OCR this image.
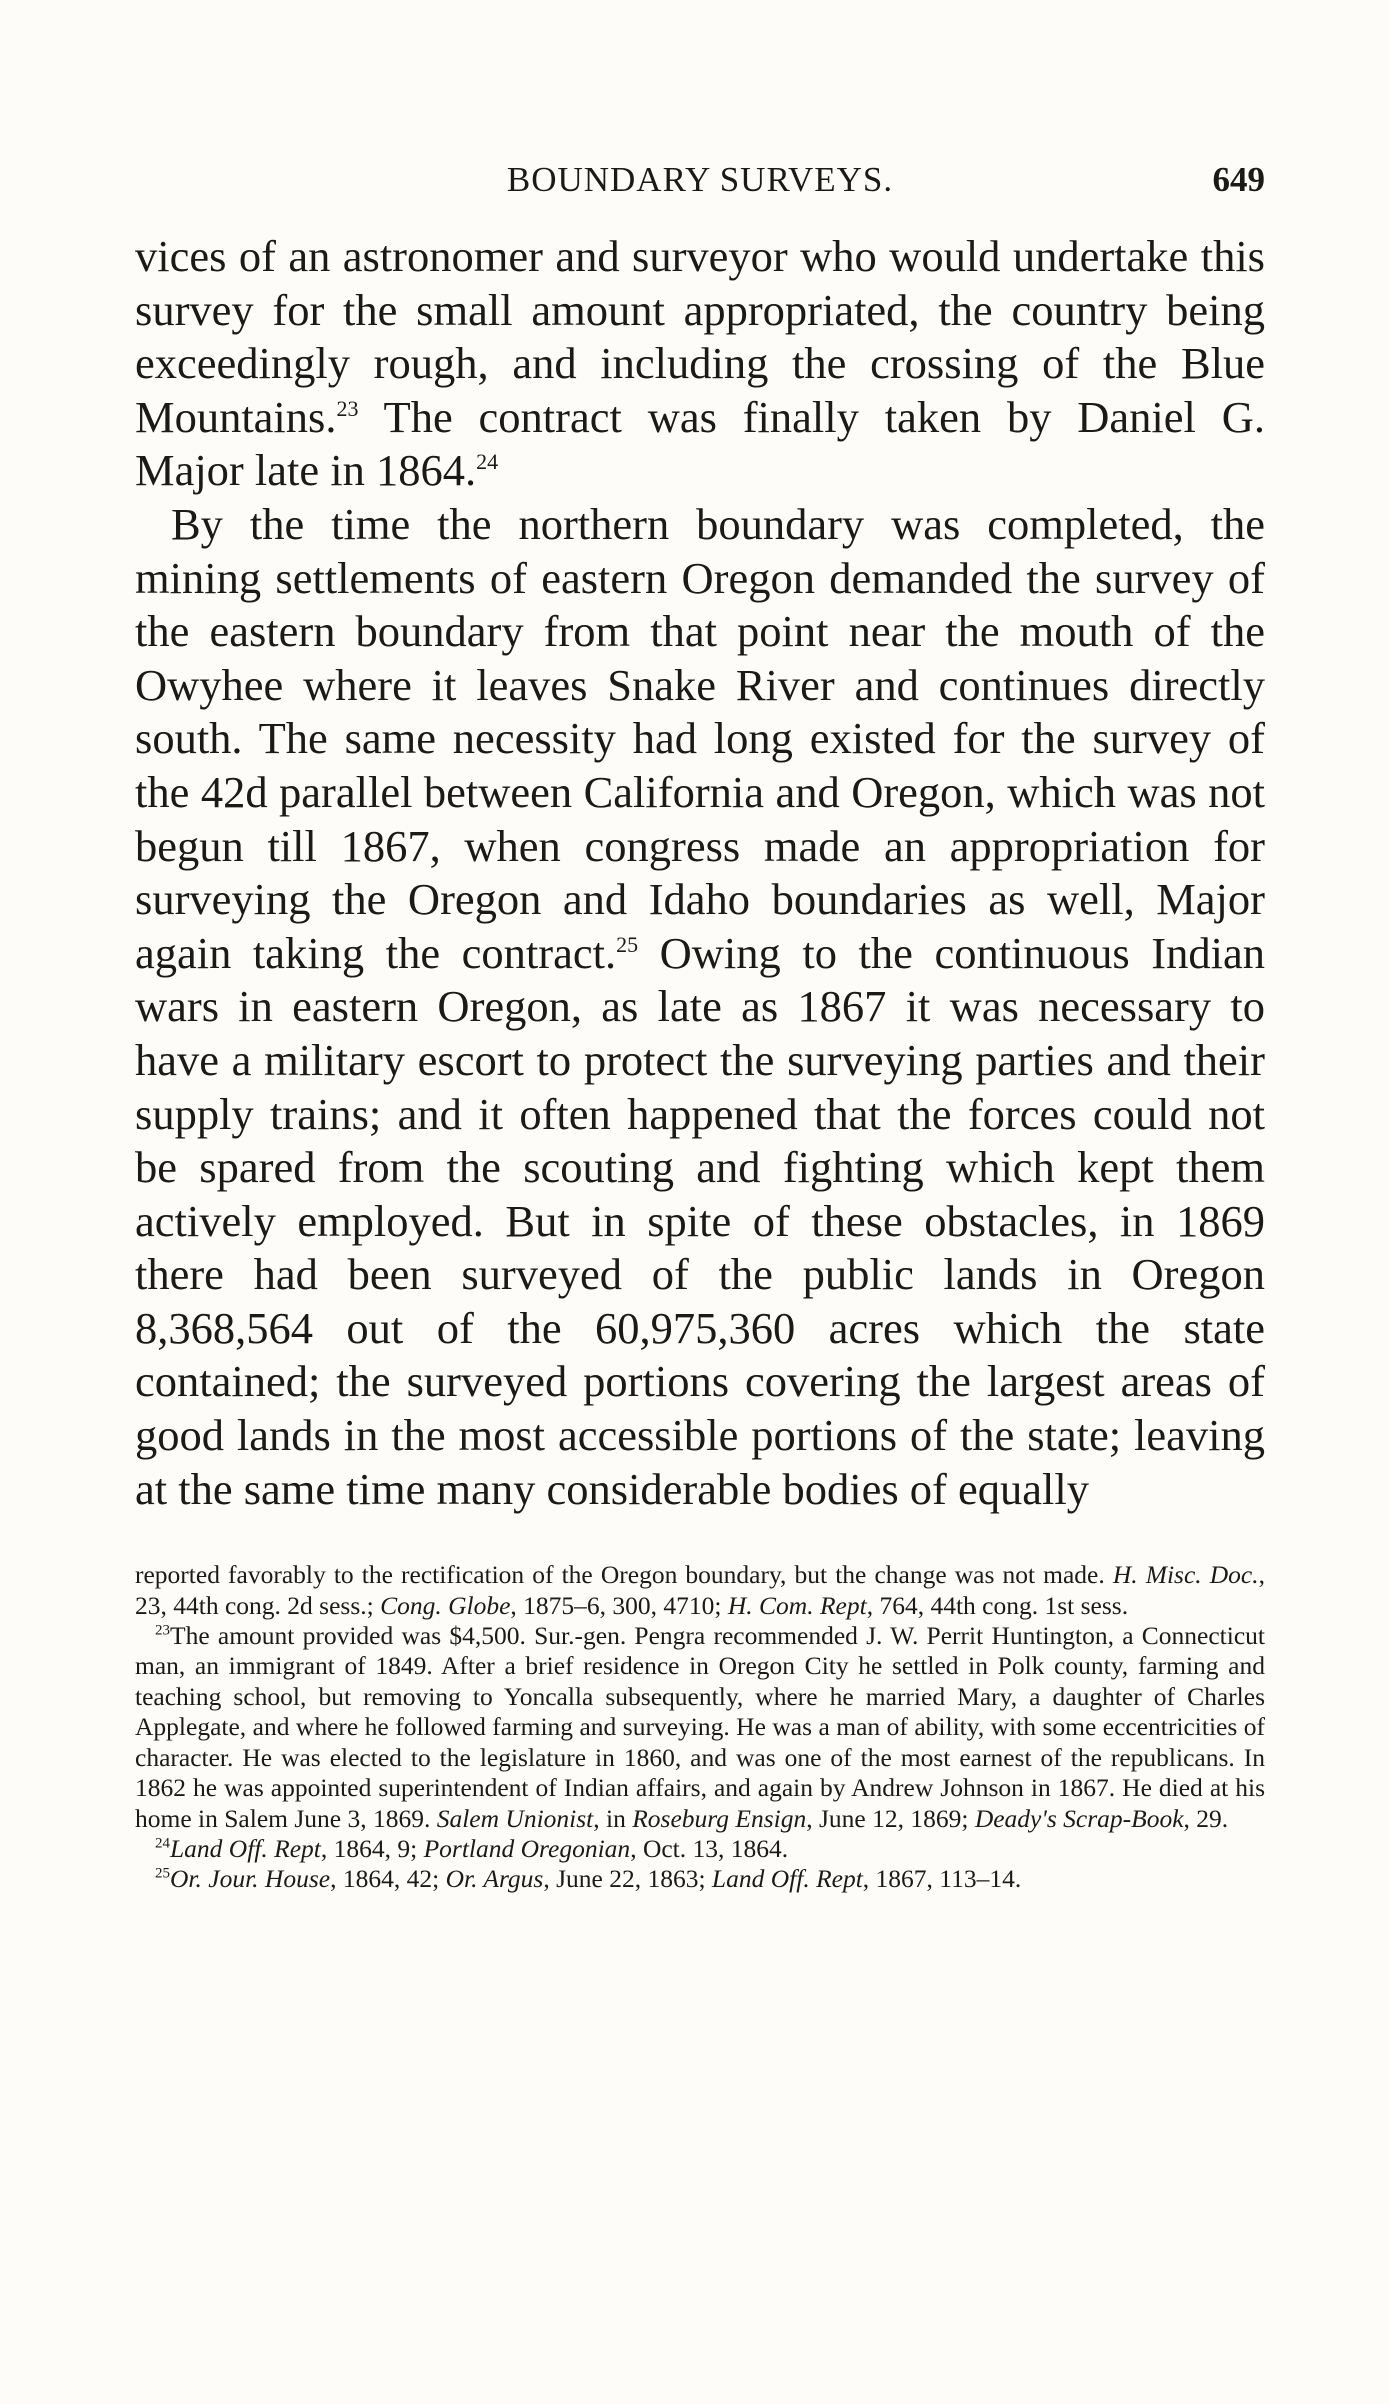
BOUNDARY SURVEYS.	649

vices of an astronomer and surveyor who would undertake this survey for the small amount appropriated, the country being exceedingly rough, and including the crossing of the Blue Mountains.$^{23}$ The contract was finally taken by Daniel G. Major late in 1864.24

By the time the northern boundary was completed, the mining settlements of eastern Oregon demanded the survey of the eastern boundary from that point near the mouth of the Owyhee where it leaves Snake River and continues directly south. The same necessity had long existed for the survey of the 42d parallel between California and Oregon, which was not begun till 1867, when congress made an appropriation for surveying the Oregon and Idaho boundaries as well, Major again taking the contract.$^{25}$ Owing to the continuous Indian wars in eastern Oregon, as late as 1867 it was necessary to have a military escort to protect the surveying parties and their supply trains; and it often happened that the forces could not be spared from the scouting and fighting which kept them actively employed. But in spite of these obstacles, in 1869 there had been surveyed of the public lands in Oregon 8,368,564 out of the 60,975,360 acres which the state contained; the surveyed portions covering the largest areas of good lands in the most accessible portions of the state; leaving at the same time many considerable bodies of equally

reported favorably to the rectification of the Oregon boundary, but the change was not made. H. Misc. Doc., 23, 44th cong. 2d sess.; Cong. Globe, 1875–6, 300, 4710; H. Com. Rept, 764, 44th cong. 1st sess.

$^{23}$The amount provided was $4,500. Sur.-gen. Pengra recommended J. W. Perrit Huntington, a Connecticut man, an immigrant of 1849. After a brief residence in Oregon City he settled in Polk county, farming and teaching school, but removing to Yoncalla subsequently, where he married Mary, a daughter of Charles Applegate, and where he followed farming and surveying. He was a man of ability, with some eccentricities of character. He was elected to the legislature in 1860, and was one of the most earnest of the republicans. In 1862 he was appointed superintendent of Indian affairs, and again by Andrew Johnson in 1867. He died at his home in Salem June 3, 1869. Salem Unionist, in Roseburg Ensign, June 12, 1869; Deady's Scrap-Book, 29.

$^{24}$Land Off. Rept, 1864, 9; Portland Oregonian, Oct. 13, 1864.

$^{25}$Or. Jour. House, 1864, 42; Or. Argus, June 22, 1863; Land Off. Rept, 1867, 113–14.
